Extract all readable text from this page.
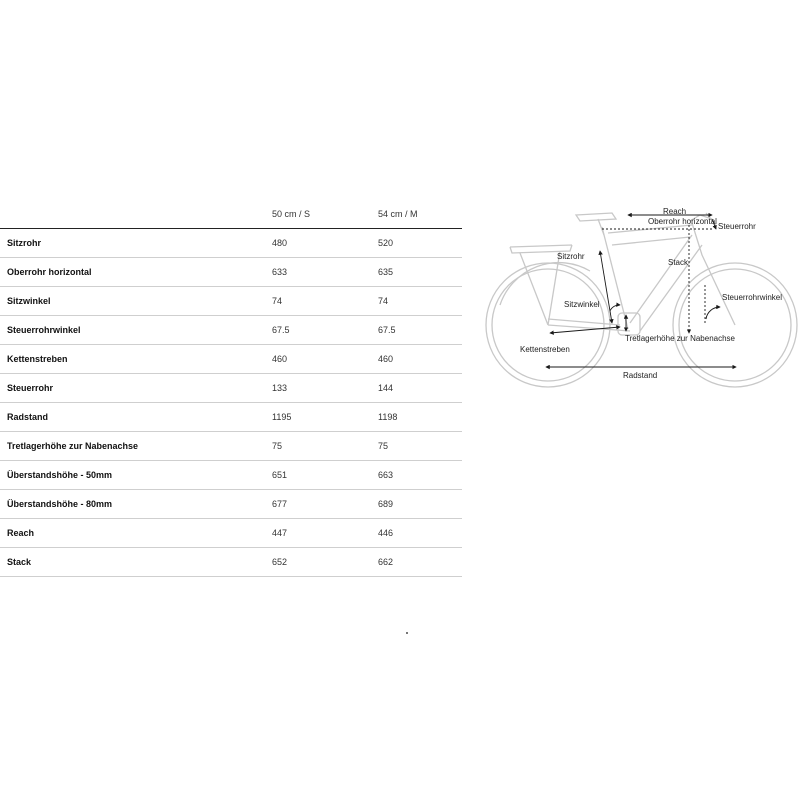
	50 cm / S	54 cm / M
Sitzrohr	480	520
Oberrohr horizontal	633	635
Sitzwinkel	74	74
Steuerrohrwinkel	67.5	67.5
Kettenstreben	460	460
Steuerrohr	133	144
Radstand	1195	1198
Tretlagerhöhe zur Nabenachse	75	75
Überstandshöhe - 50mm	651	663
Überstandshöhe - 80mm	677	689
Reach	447	446
Stack	652	662
Reach
Oberrohr horizontal
Steuerrohr
Sitzrohr
Stack
Steuerrohrwinkel
Sitzwinkel
Tretlagerhöhe zur Nabenachse
Kettenstreben
Radstand
